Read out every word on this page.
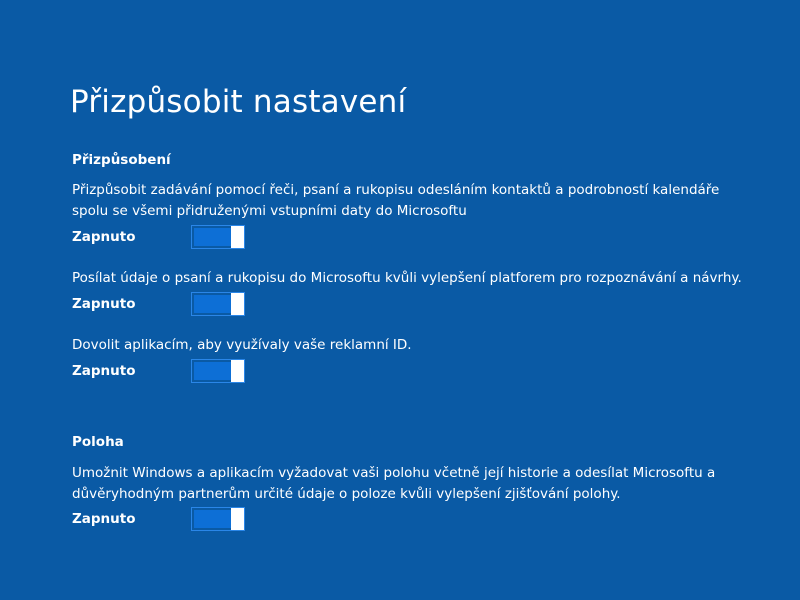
Přizpůsobit nastavení
Přizpůsobení

Přizpůsobit zadávání pomocí řeči, psaní a rukopisu odesláním kontaktů a podrobností kalendáře spolu se všemi přidruženými vstupními daty do Microsoftu

Zapnuto

Posílat údaje o psaní a rukopisu do Microsoftu kvůli vylepšení platforem pro rozpoznávání a návrhy.

Zapnuto

Dovolit aplikacím, aby využívaly vaše reklamní ID.

Zapnuto
Poloha

Umožnit Windows a aplikacím vyžadovat vaši polohu včetně její historie a odesílat Microsoftu a důvěryhodným partnerům určité údaje o poloze kvůli vylepšení zjišťování polohy.

Zapnuto
